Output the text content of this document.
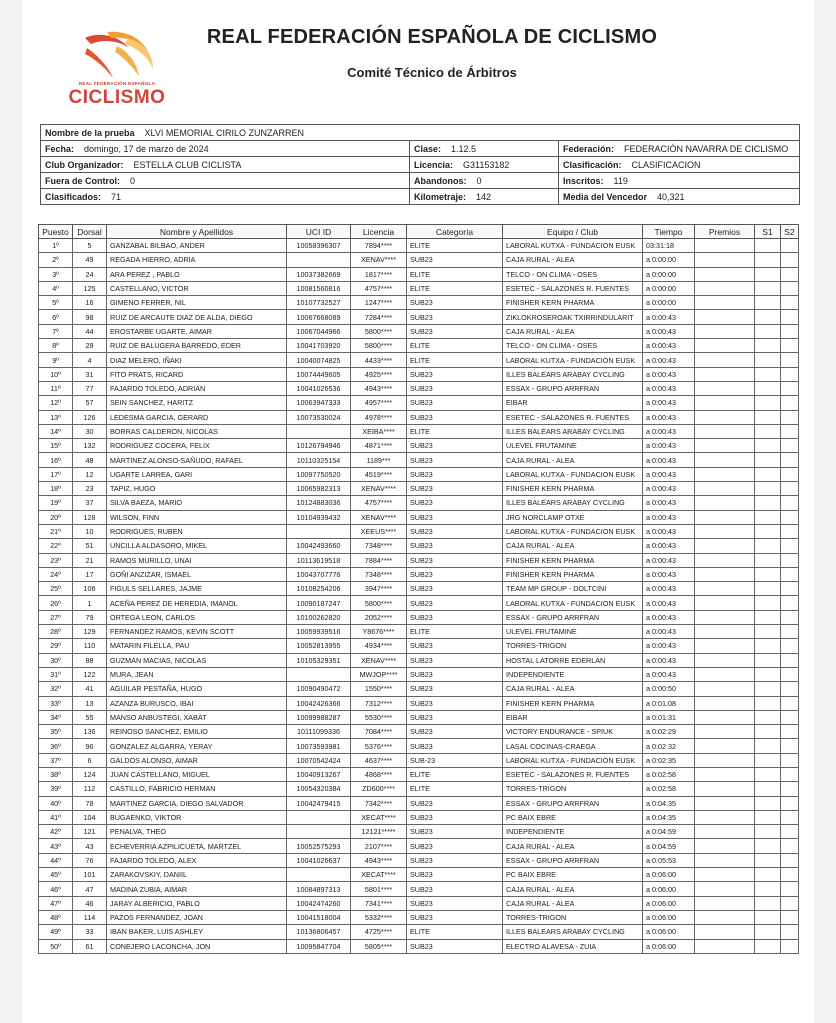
REAL FEDERACIÓN ESPAÑOLA
CICLISMO
REAL FEDERACIÓN ESPAÑOLA DE CICLISMO
Comité Técnico de Árbitros
Nombre de la prueba XLVI MEMORIAL CIRILO ZUNZARREN		
Fecha: domingo, 17 de marzo de 2024	Clase: 1.12.5	Federación: FEDERACIÓN NAVARRA DE CICLISMO
Club Organizador: ESTELLA CLUB CICLISTA	Licencia: G31153182	Clasificación: CLASIFICACION
Fuera de Control: 0	Abandonos: 0	Inscritos: 119
Clasificados: 71	Kilometraje: 142	Media del Vencedor 40,321
Puesto	Dorsal	Nombre y Apellidos	UCI ID	Licencia	Categoría	Equipo / Club	Tiempo	Premios	S1	S2
1º	5	GANZABAL BILBAO, ANDER	10058396307	7894****	ELITE	LABORAL KUTXA - FUNDACION EUSK	03:31:18			
2º	49	REGADA HIERRO, ADRIA		XENAV****	SUB23	CAJA RURAL - ALEA	a 0:00:00			
3º	24	ARA PEREZ , PABLO	10037382669	1817****	ELITE	TELCO - ON CLIMA - OSES	a 0:00:00			
4º	125	CASTELLANO, VICTOR	10081560816	4757****	ELITE	ESETEC - SALAZONES R. FUENTES	a 0:00:00			
5º	16	GIMENO FERRER, NIL	10107732527	1247****	SUB23	FINISHER KERN PHARMA	a 0:00:00			
6º	98	RUIZ DE ARCAUTE DIAZ DE ALDA, DIEGO	10067668089	7284****	SUB23	ZIKLOKROSEROAK TXIRRINDULARIT	a 0:00:43			
7º	44	EROSTARBE UGARTE, AIMAR	10067044966	5800****	SUB23	CAJA RURAL - ALEA	a 0:00:43			
8º	29	RUIZ DE BALUGERA BARREDO, EDER	10041703920	5800****	ELITE	TELCO - ON CLIMA - OSES	a 0:00:43			
9º	4	DIAZ MELERO, IÑAKI	10040074825	4433****	ELITE	LABORAL KUTXA - FUNDACION EUSK	a 0:00:43			
10º	31	FITO PRATS, RICARD	10074449605	4925****	SUB23	ILLES BALEARS ARABAY CYCLING	a 0:00:43			
11º	77	FAJARDO TOLEDO, ADRIAN	10041026536	4943****	SUB23	ESSAX - GRUPO ARRFRAN	a 0:00:43			
12º	57	SEIN SANCHEZ, HARITZ	10063947333	4957****	SUB23	EIBAR	a 0:00:43			
13º	126	LEDESMA GARCIA, GERARD	10073530024	4978****	SUB23	ESETEC - SALAZONES R. FUENTES	a 0:00:43			
14º	30	BORRAS CALDERON, NICOLAS		XEIBA****	ELITE	ILLES BALEARS ARABAY CYCLING	a 0:00:43			
15º	132	RODRIGUEZ COCERA, FELIX	10126794946	4871****	SUB23	ULEVEL FRUTAMINE	a 0:00:43			
16º	48	MARTINEZ ALONSO-SAÑUDO, RAFAEL	10110325154	1189***	SUB23	CAJA RURAL - ALEA	a 0:00:43			
17º	12	UGARTE LARREA, GARI	10097750520	4519****	SUB23	LABORAL KUTXA - FUNDACION EUSK	a 0:00:43			
18º	23	TAPIZ, HUGO	10065982313	XENAV****	SUB23	FINISHER KERN PHARMA	a 0:00:43			
19º	37	SILVA BAEZA, MARIO	10124883036	4757****	SUB23	ILLES BALEARS ARABAY CYCLING	a 0:00:43			
20º	128	WILSON, FINN	10104939432	XENAV****	SUB23	JRG NORCLAMP OTXE	a 0:00:43			
21º	10	RODRIGUES, RUBEN		XEEUS****	SUB23	LABORAL KUTXA - FUNDACION EUSK	a 0:00:43			
22º	51	UNCILLA ALDASORO, MIKEL	10042493660	7348****	SUB23	CAJA RURAL - ALEA	a 0:00:43			
23º	21	RAMOS MURILLO, UNAI	10113619518	7884****	SUB23	FINISHER KERN PHARMA	a 0:00:43			
24º	17	GOÑI ANZIZAR, ISMAEL	10043707776	7348****	SUB23	FINISHER KERN PHARMA	a 0:00:43			
25º	106	FIGULS SELLARES, JAJME	10108254206	3947****	SUB23	TEAM MP GROUP - DOLTCINI	a 0:00:43			
26º	1	ACEÑA PEREZ DE HEREDIA, IMANOL	10090187247	5800****	SUB23	LABORAL KUTXA - FUNDACION EUSK	a 0:00:43			
27º	79	ORTEGA LEON, CARLOS	10100262820	2052****	SUB23	ESSAX - GRUPO ARRFRAN	a 0:00:43			
28º	129	FERNANDEZ RAMOS, KEVIN SCOTT	10059939516	Y8676****	ELITE	ULEVEL FRUTAMINE	a 0:00:43			
29º	110	MATARIN FILELLA, PAU	10052813955	4934****	SUB23	TORRES-TRIGON	a 0:00:43			
30º	88	GUZMAN MACIAS, NICOLAS	10105329351	XENAV****	SUB23	HOSTAL LATORRE EDERLAN	a 0:00:43			
31º	122	MURA, JEAN		MWJOP****	SUB23	INDEPENDIENTE	a 0:00:43			
32º	41	AGUILAR PESTAÑA, HUGO	10090490472	1550****	SUB23	CAJA RURAL - ALEA	a 0:00:50			
33º	13	AZANZA BURUSCO, IBAI	10042426366	7312****	SUB23	FINISHER KERN PHARMA	a 0:01:08			
34º	55	MANSO ANBUSTEGI, XABAT	10099988287	5530****	SUB23	EIBAR	a 0:01:31			
35º	136	REINOSO SANCHEZ, EMILIO	10111099336	7084****	SUB23	VICTORY ENDURANCE - SPIUK	a 0:02:29			
36º	96	GONZALEZ ALGARRA, YERAY	10073593981	5376****	SUB23	LASAL COCINAS-CRAEGA	a 0:02:32			
37º	6	GALDOS ALONSO, AIMAR	10070542424	4637****	SUB-23	LABORAL KUTXA - FUNDACION EUSK	a 0:02:35			
38º	124	JUAN CASTELLANO, MIGUEL	10040913267	4868****	ELITE	ESETEC - SALAZONES R. FUENTES	a 0:02:58			
39º	112	CASTILLO, FABRICIO HERMAN	10054320384	ZD600****	ELITE	TORRES-TRIGON	a 0:02:58			
40º	78	MARTINEZ GARCIA, DIEGO SALVADOR	10042479415	7342****	SUB23	ESSAX - GRUPO ARRFRAN	a 0:04:35			
41º	104	BUGAENKO, VIKTOR		XECAT****	SUB23	PC BAIX EBRE	a 0:04:35			
42º	121	PENALVA, THEO		12121*****	SUB23	INDEPENDIENTE	a 0:04:59			
43º	43	ECHEVERRIA AZPILICUETA, MARTZEL	10052575293	2107****	SUB23	CAJA RURAL - ALEA	a 0:04:59			
44º	76	FAJARDO TOLEDO, ALEX	10041026637	4943****	SUB23	ESSAX - GRUPO ARRFRAN	a 0:05:53			
45º	101	ZARAKOVSKIY, DANIIL		XECAT****	SUB23	PC BAIX EBRE	a 0:06:00			
46º	47	MADINA ZUBIA, AIMAR	10084897313	5801****	SUB23	CAJA RURAL - ALEA	a 0:06:00			
47º	46	JARAY ALBERICIO, PABLO	10042474260	7341****	SUB23	CAJA RURAL - ALEA	a 0:06:00			
48º	114	PAZOS FERNANDEZ, JOAN	10041518004	5332****	SUB23	TORRES-TRIGON	a 0:06:00			
49º	33	IBAN BAKER, LUIS ASHLEY	10136806457	4725****	ELITE	ILLES BALEARS ARABAY CYCLING	a 0:06:00			
50º	61	CONEJERO LACONCHA, JON	10095847704	5805****	SUB23	ELECTRO ALAVESA - ZUIA	a 0:06:00			
